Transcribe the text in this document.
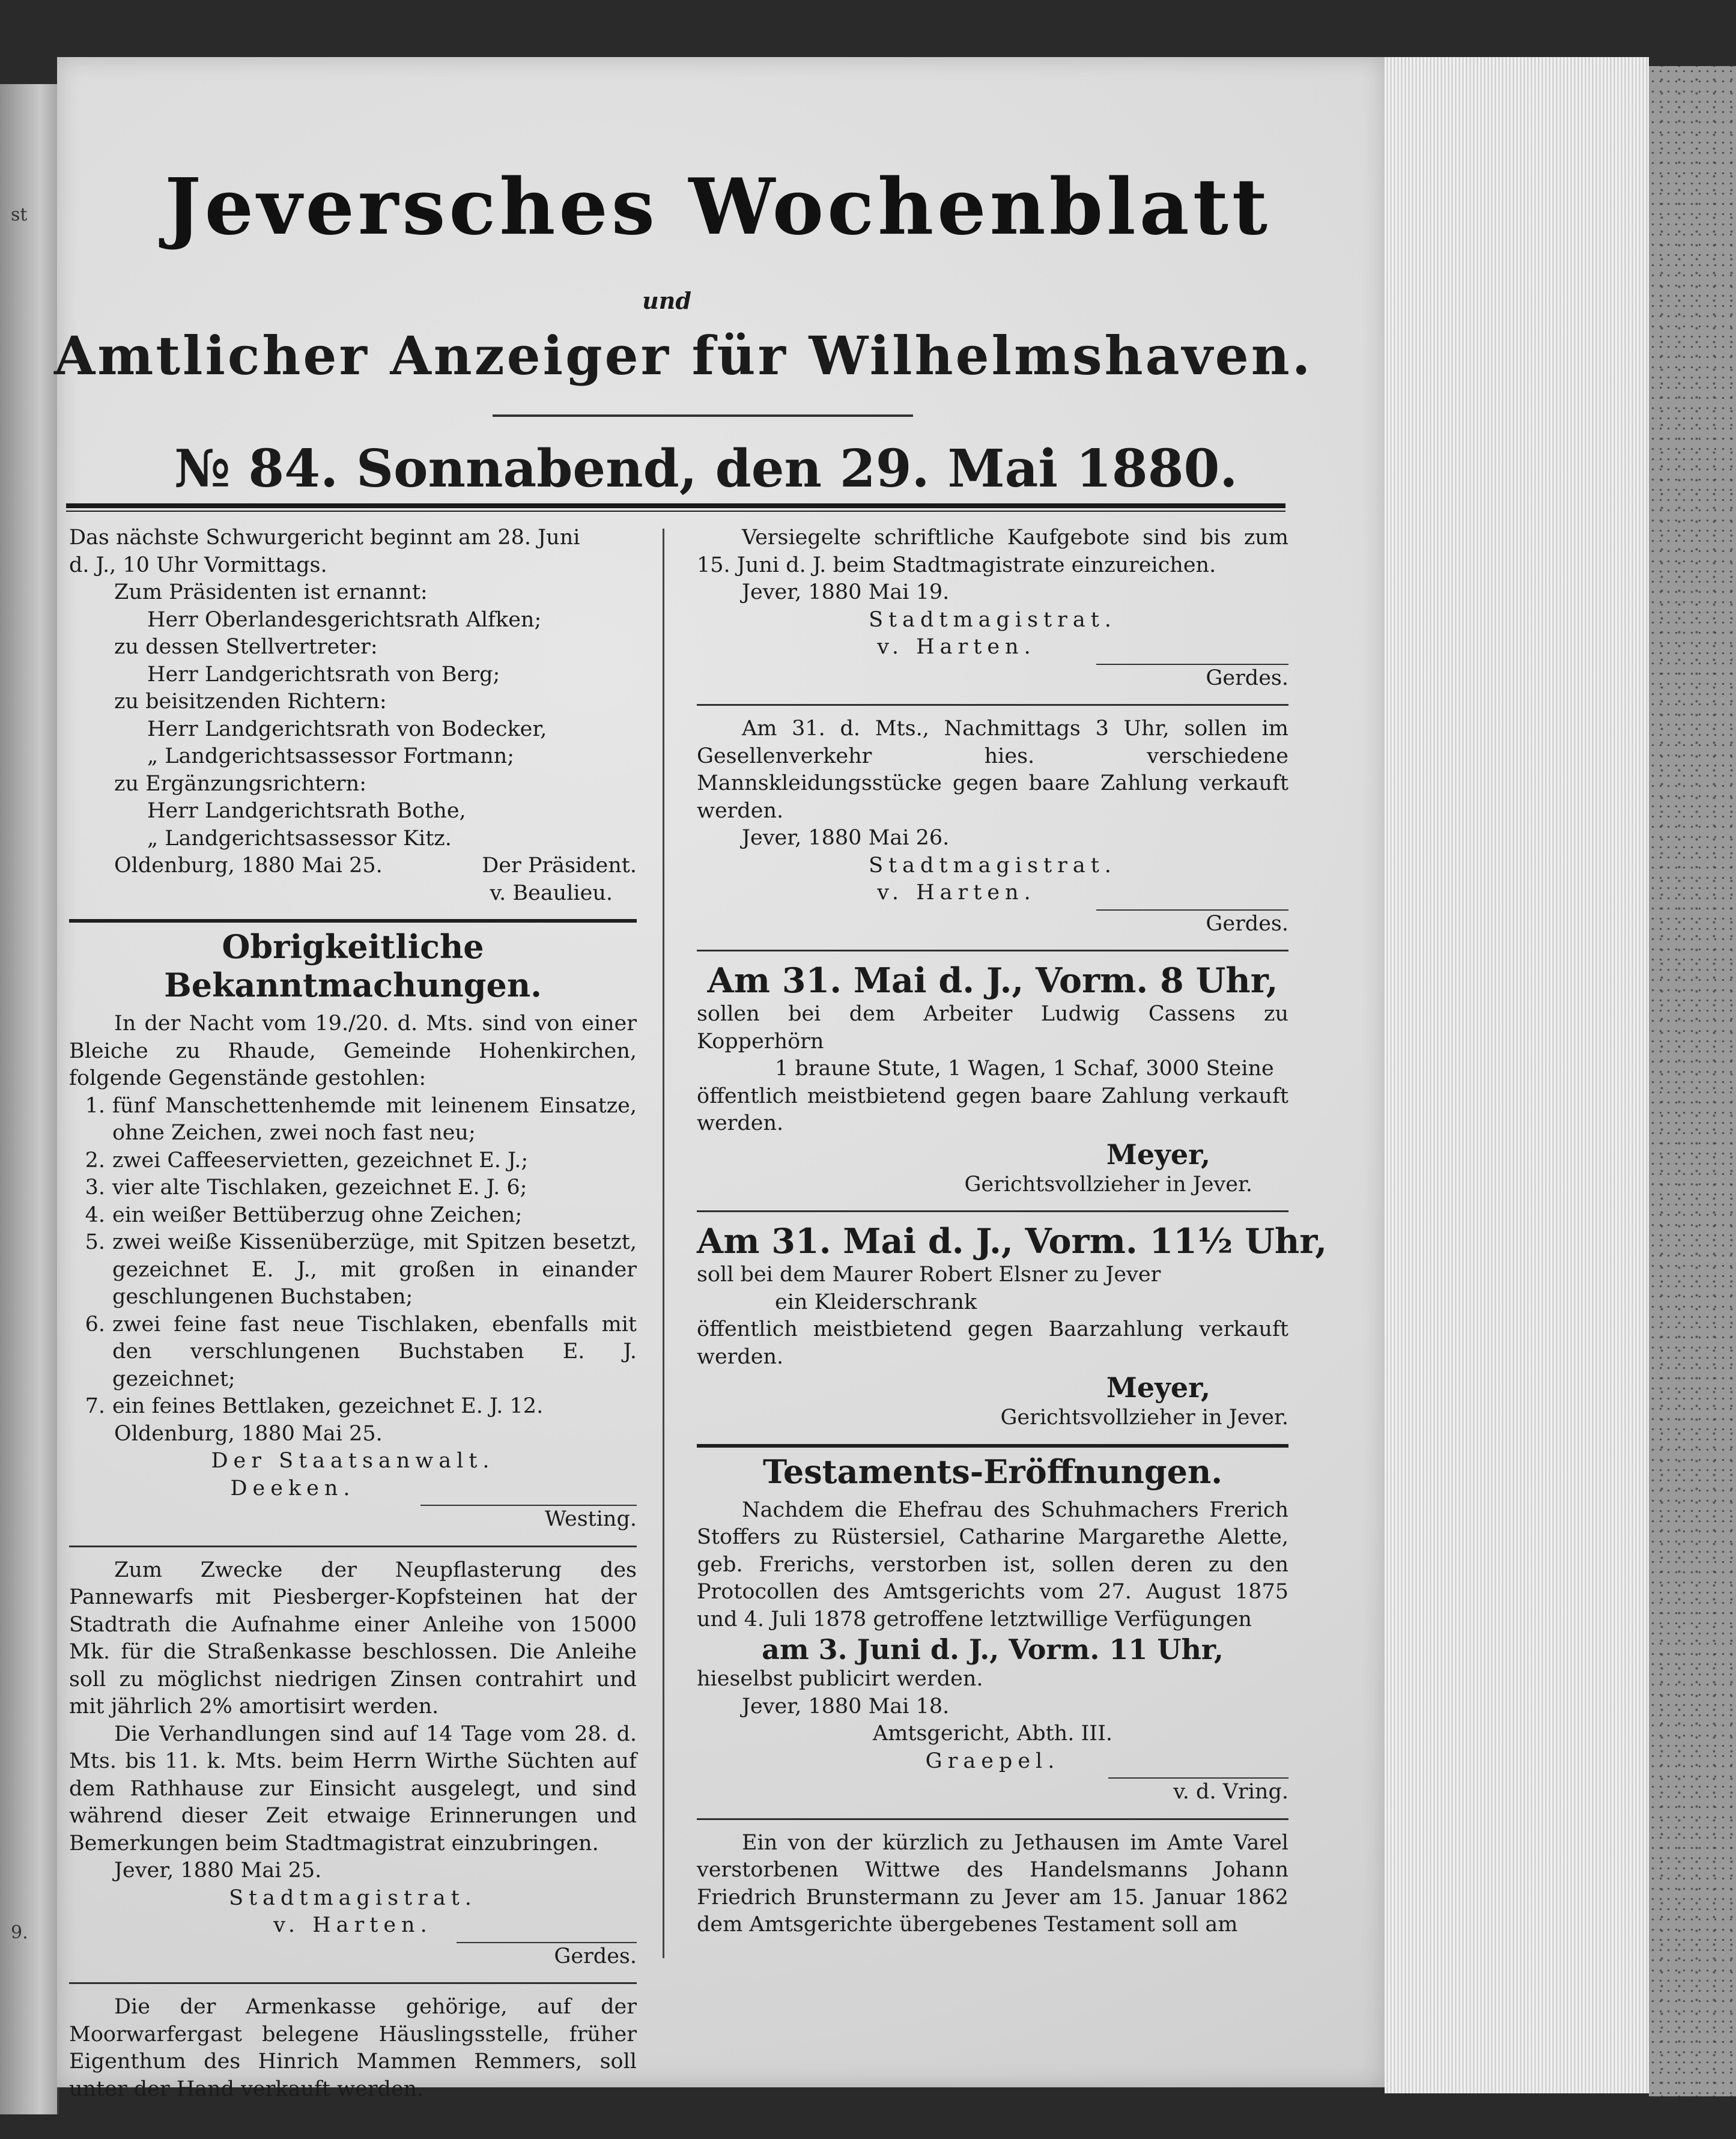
st
9.
Jeversches Wochenblatt
und
Amtlicher Anzeiger für Wilhelmshaven.
№ 84. Sonnabend, den 29. Mai 1880.

Das nächste Schwurgericht beginnt am 28. Juni

d. J., 10 Uhr Vormittags.

Zum Präsidenten ist ernannt:

Herr Oberlandesgerichtsrath Alfken;

zu dessen Stellvertreter:

Herr Landgerichtsrath von Berg;

zu beisitzenden Richtern:

Herr Landgerichtsrath von Bodecker,

„ Landgerichtsassessor Fortmann;

zu Ergänzungsrichtern:

Herr Landgerichtsrath Bothe,

„ Landgerichtsassessor Kitz.

Oldenburg, 1880 Mai 25.	Der Präsident.

v. Beaulieu.

Obrigkeitliche Bekanntmachungen.

In der Nacht vom 19./20. d. Mts. sind von einer Bleiche zu Rhaude, Gemeinde Hohenkirchen, folgende Gegenstände gestohlen:

1. fünf Manschettenhemde mit leinenem Einsatze, ohne Zeichen, zwei noch fast neu;
2. zwei Caffeeservietten, gezeichnet E. J.;
3. vier alte Tischlaken, gezeichnet E. J. 6;
4. ein weißer Bettüberzug ohne Zeichen;
5. zwei weiße Kissenüberzüge, mit Spitzen besetzt, gezeichnet E. J., mit großen in einander geschlungenen Buchstaben;
6. zwei feine fast neue Tischlaken, ebenfalls mit den verschlungenen Buchstaben E. J. gezeichnet;
7. ein feines Bettlaken, gezeichnet E. J. 12.

Oldenburg, 1880 Mai 25.

Der Staatsanwalt.

Deeken.

Westing.

Zum Zwecke der Neupflasterung des Pannewarfs mit Piesberger-Kopfsteinen hat der Stadtrath die Aufnahme einer Anleihe von 15000 Mk. für die Straßenkasse beschlossen. Die Anleihe soll zu möglichst niedrigen Zinsen contrahirt und mit jährlich 2% amortisirt werden.

Die Verhandlungen sind auf 14 Tage vom 28. d. Mts. bis 11. k. Mts. beim Herrn Wirthe Süchten auf dem Rathhause zur Einsicht ausgelegt, und sind während dieser Zeit etwaige Erinnerungen und Bemerkungen beim Stadtmagistrat einzubringen.

Jever, 1880 Mai 25.

Stadtmagistrat.

v. Harten.

Gerdes.

Die der Armenkasse gehörige, auf der Moorwarfergast belegene Häuslingsstelle, früher Eigenthum des Hinrich Mammen Remmers, soll unter der Hand verkauft werden.

Versiegelte schriftliche Kaufgebote sind bis zum 15. Juni d. J. beim Stadtmagistrate einzureichen.

Jever, 1880 Mai 19.

Stadtmagistrat.

v. Harten.

Gerdes.

Am 31. d. Mts., Nachmittags 3 Uhr, sollen im Gesellenverkehr hies. verschiedene Mannskleidungsstücke gegen baare Zahlung verkauft werden.

Jever, 1880 Mai 26.

Stadtmagistrat.

v. Harten.

Gerdes.
Am 31. Mai d. J., Vorm. 8 Uhr,

sollen bei dem Arbeiter Ludwig Cassens zu Kopperhörn

1 braune Stute, 1 Wagen, 1 Schaf, 3000 Steine

öffentlich meistbietend gegen baare Zahlung verkauft werden.

Meyer,

Gerichtsvollzieher in Jever.

Am 31. Mai d. J., Vorm. 11½ Uhr,

soll bei dem Maurer Robert Elsner zu Jever

ein Kleiderschrank

öffentlich meistbietend gegen Baarzahlung verkauft werden.

Meyer,

Gerichtsvollzieher in Jever.

Testaments-Eröffnungen.

Nachdem die Ehefrau des Schuhmachers Frerich Stoffers zu Rüstersiel, Catharine Margarethe Alette, geb. Frerichs, verstorben ist, sollen deren zu den Protocollen des Amtsgerichts vom 27. August 1875 und 4. Juli 1878 getroffene letztwillige Verfügungen

am 3. Juni d. J., Vorm. 11 Uhr,

hieselbst publicirt werden.

Jever, 1880 Mai 18.

Amtsgericht, Abth. III.

Graepel.

v. d. Vring.

Ein von der kürzlich zu Jethausen im Amte Varel verstorbenen Wittwe des Handelsmanns Johann Friedrich Brunstermann zu Jever am 15. Januar 1862 dem Amtsgerichte übergebenes Testament soll am
